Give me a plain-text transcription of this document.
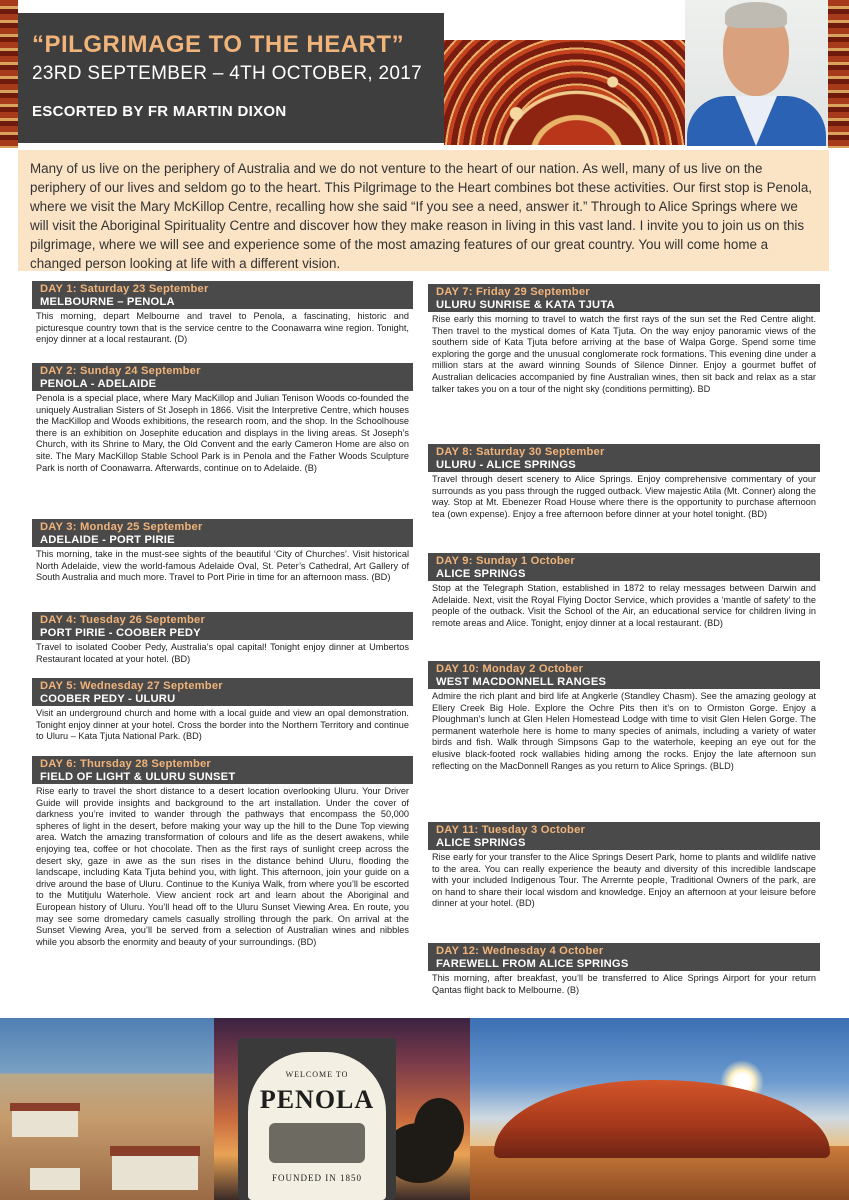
“PILGRIMAGE TO THE HEART”
23RD SEPTEMBER – 4TH OCTOBER, 2017
ESCORTED BY FR MARTIN DIXON
Many of us live on the periphery of Australia and we do not venture to the heart of our nation. As well, many of us live on the periphery of our lives and seldom go to the heart. This Pilgrimage to the Heart combines bot these activities. Our first stop is Penola, where we visit the Mary McKillop Centre, recalling how she said “If you see a need, answer it.” Through to Alice Springs where we will visit the Aboriginal Spirituality Centre and discover how they make reason in living in this vast land. I invite you to join us on this pilgrimage, where we will see and experience some of the most amazing features of our great country. You will come home a changed person looking at life with a different vision.
DAY 1: Saturday 23 September
MELBOURNE – PENOLA
This morning, depart Melbourne and travel to Penola, a fascinating, historic and picturesque country town that is the service centre to the Coonawarra wine region. Tonight, enjoy dinner at a local restaurant. (D)
DAY 2: Sunday 24 September
PENOLA - ADELAIDE
Penola is a special place, where Mary MacKillop and Julian Tenison Woods co-founded the uniquely Australian Sisters of St Joseph in 1866. Visit the Interpretive Centre, which houses the MacKillop and Woods exhibitions, the research room, and the shop. In the Schoolhouse there is an exhibition on Josephite education and displays in the living areas. St Joseph’s Church, with its Shrine to Mary, the Old Convent and the early Cameron Home are also on site. The Mary MacKillop Stable School Park is in Penola and the Father Woods Sculpture Park is north of Coonawarra. Afterwards, continue on to Adelaide. (B)
DAY 3: Monday 25 September
ADELAIDE - PORT PIRIE
This morning, take in the must-see sights of the beautiful ‘City of Churches’. Visit historical North Adelaide, view the world-famous Adelaide Oval, St. Peter’s Cathedral, Art Gallery of South Australia and much more. Travel to Port Pirie in time for an afternoon mass. (BD)
DAY 4: Tuesday 26 September
PORT PIRIE - COOBER PEDY
Travel to isolated Coober Pedy, Australia’s opal capital! Tonight enjoy dinner at Umbertos Restaurant located at your hotel. (BD)
DAY 5: Wednesday 27 September
COOBER PEDY - ULURU
Visit an underground church and home with a local guide and view an opal demonstration. Tonight enjoy dinner at your hotel. Cross the border into the Northern Territory and continue to Uluru – Kata Tjuta National Park. (BD)
DAY 6: Thursday 28 September
FIELD OF LIGHT & ULURU SUNSET
Rise early to travel the short distance to a desert location overlooking Uluru. Your Driver Guide will provide insights and background to the art installation. Under the cover of darkness you’re invited to wander through the pathways that encompass the 50,000 spheres of light in the desert, before making your way up the hill to the Dune Top viewing area. Watch the amazing transformation of colours and life as the desert awakens, while enjoying tea, coffee or hot chocolate. Then as the first rays of sunlight creep across the desert sky, gaze in awe as the sun rises in the distance behind Uluru, flooding the landscape, including Kata Tjuta behind you, with light. This afternoon, join your guide on a drive around the base of Uluru. Continue to the Kuniya Walk, from where you’ll be escorted to the Mutitjulu Waterhole. View ancient rock art and learn about the Aboriginal and European history of Uluru. You’ll head off to the Uluru Sunset Viewing Area. En route, you may see some dromedary camels casually strolling through the park. On arrival at the Sunset Viewing Area, you’ll be served from a selection of Australian wines and nibbles while you absorb the enormity and beauty of your surroundings. (BD)
DAY 7: Friday 29 September
ULURU SUNRISE & KATA TJUTA
Rise early this morning to travel to watch the first rays of the sun set the Red Centre alight. Then travel to the mystical domes of Kata Tjuta. On the way enjoy panoramic views of the southern side of Kata Tjuta before arriving at the base of Walpa Gorge. Spend some time exploring the gorge and the unusual conglomerate rock formations. This evening dine under a million stars at the award winning Sounds of Silence Dinner. Enjoy a gourmet buffet of Australian delicacies accompanied by fine Australian wines, then sit back and relax as a star talker takes you on a tour of the night sky (conditions permitting). BD
DAY 8: Saturday 30 September
ULURU - ALICE SPRINGS
Travel through desert scenery to Alice Springs. Enjoy comprehensive commentary of your surrounds as you pass through the rugged outback. View majestic Atila (Mt. Conner) along the way. Stop at Mt. Ebenezer Road House where there is the opportunity to purchase afternoon tea (own expense). Enjoy a free afternoon before dinner at your hotel tonight. (BD)
DAY 9: Sunday 1 October
ALICE SPRINGS
Stop at the Telegraph Station, established in 1872 to relay messages between Darwin and Adelaide. Next, visit the Royal Flying Doctor Service, which provides a ‘mantle of safety’ to the people of the outback. Visit the School of the Air, an educational service for children living in remote areas and Alice. Tonight, enjoy dinner at a local restaurant. (BD)
DAY 10: Monday 2 October
WEST MACDONNELL RANGES
Admire the rich plant and bird life at Angkerle (Standley Chasm). See the amazing geology at Ellery Creek Big Hole. Explore the Ochre Pits then it’s on to Ormiston Gorge. Enjoy a Ploughman’s lunch at Glen Helen Homestead Lodge with time to visit Glen Helen Gorge. The permanent waterhole here is home to many species of animals, including a variety of water birds and fish. Walk through Simpsons Gap to the waterhole, keeping an eye out for the elusive black-footed rock wallabies hiding among the rocks. Enjoy the late afternoon sun reflecting on the MacDonnell Ranges as you return to Alice Springs. (BLD)
DAY 11: Tuesday 3 October
ALICE SPRINGS
Rise early for your transfer to the Alice Springs Desert Park, home to plants and wildlife native to the area. You can really experience the beauty and diversity of this incredible landscape with your included Indigenous Tour. The Arrernte people, Traditional Owners of the park, are on hand to share their local wisdom and knowledge. Enjoy an afternoon at your leisure before dinner at your hotel. (BD)
DAY 12: Wednesday 4 October
FAREWELL FROM ALICE SPRINGS
This morning, after breakfast, you’ll be transferred to Alice Springs Airport for your return Qantas flight back to Melbourne. (B)
WELCOME TO
PENOLA
FOUNDED IN 1850
